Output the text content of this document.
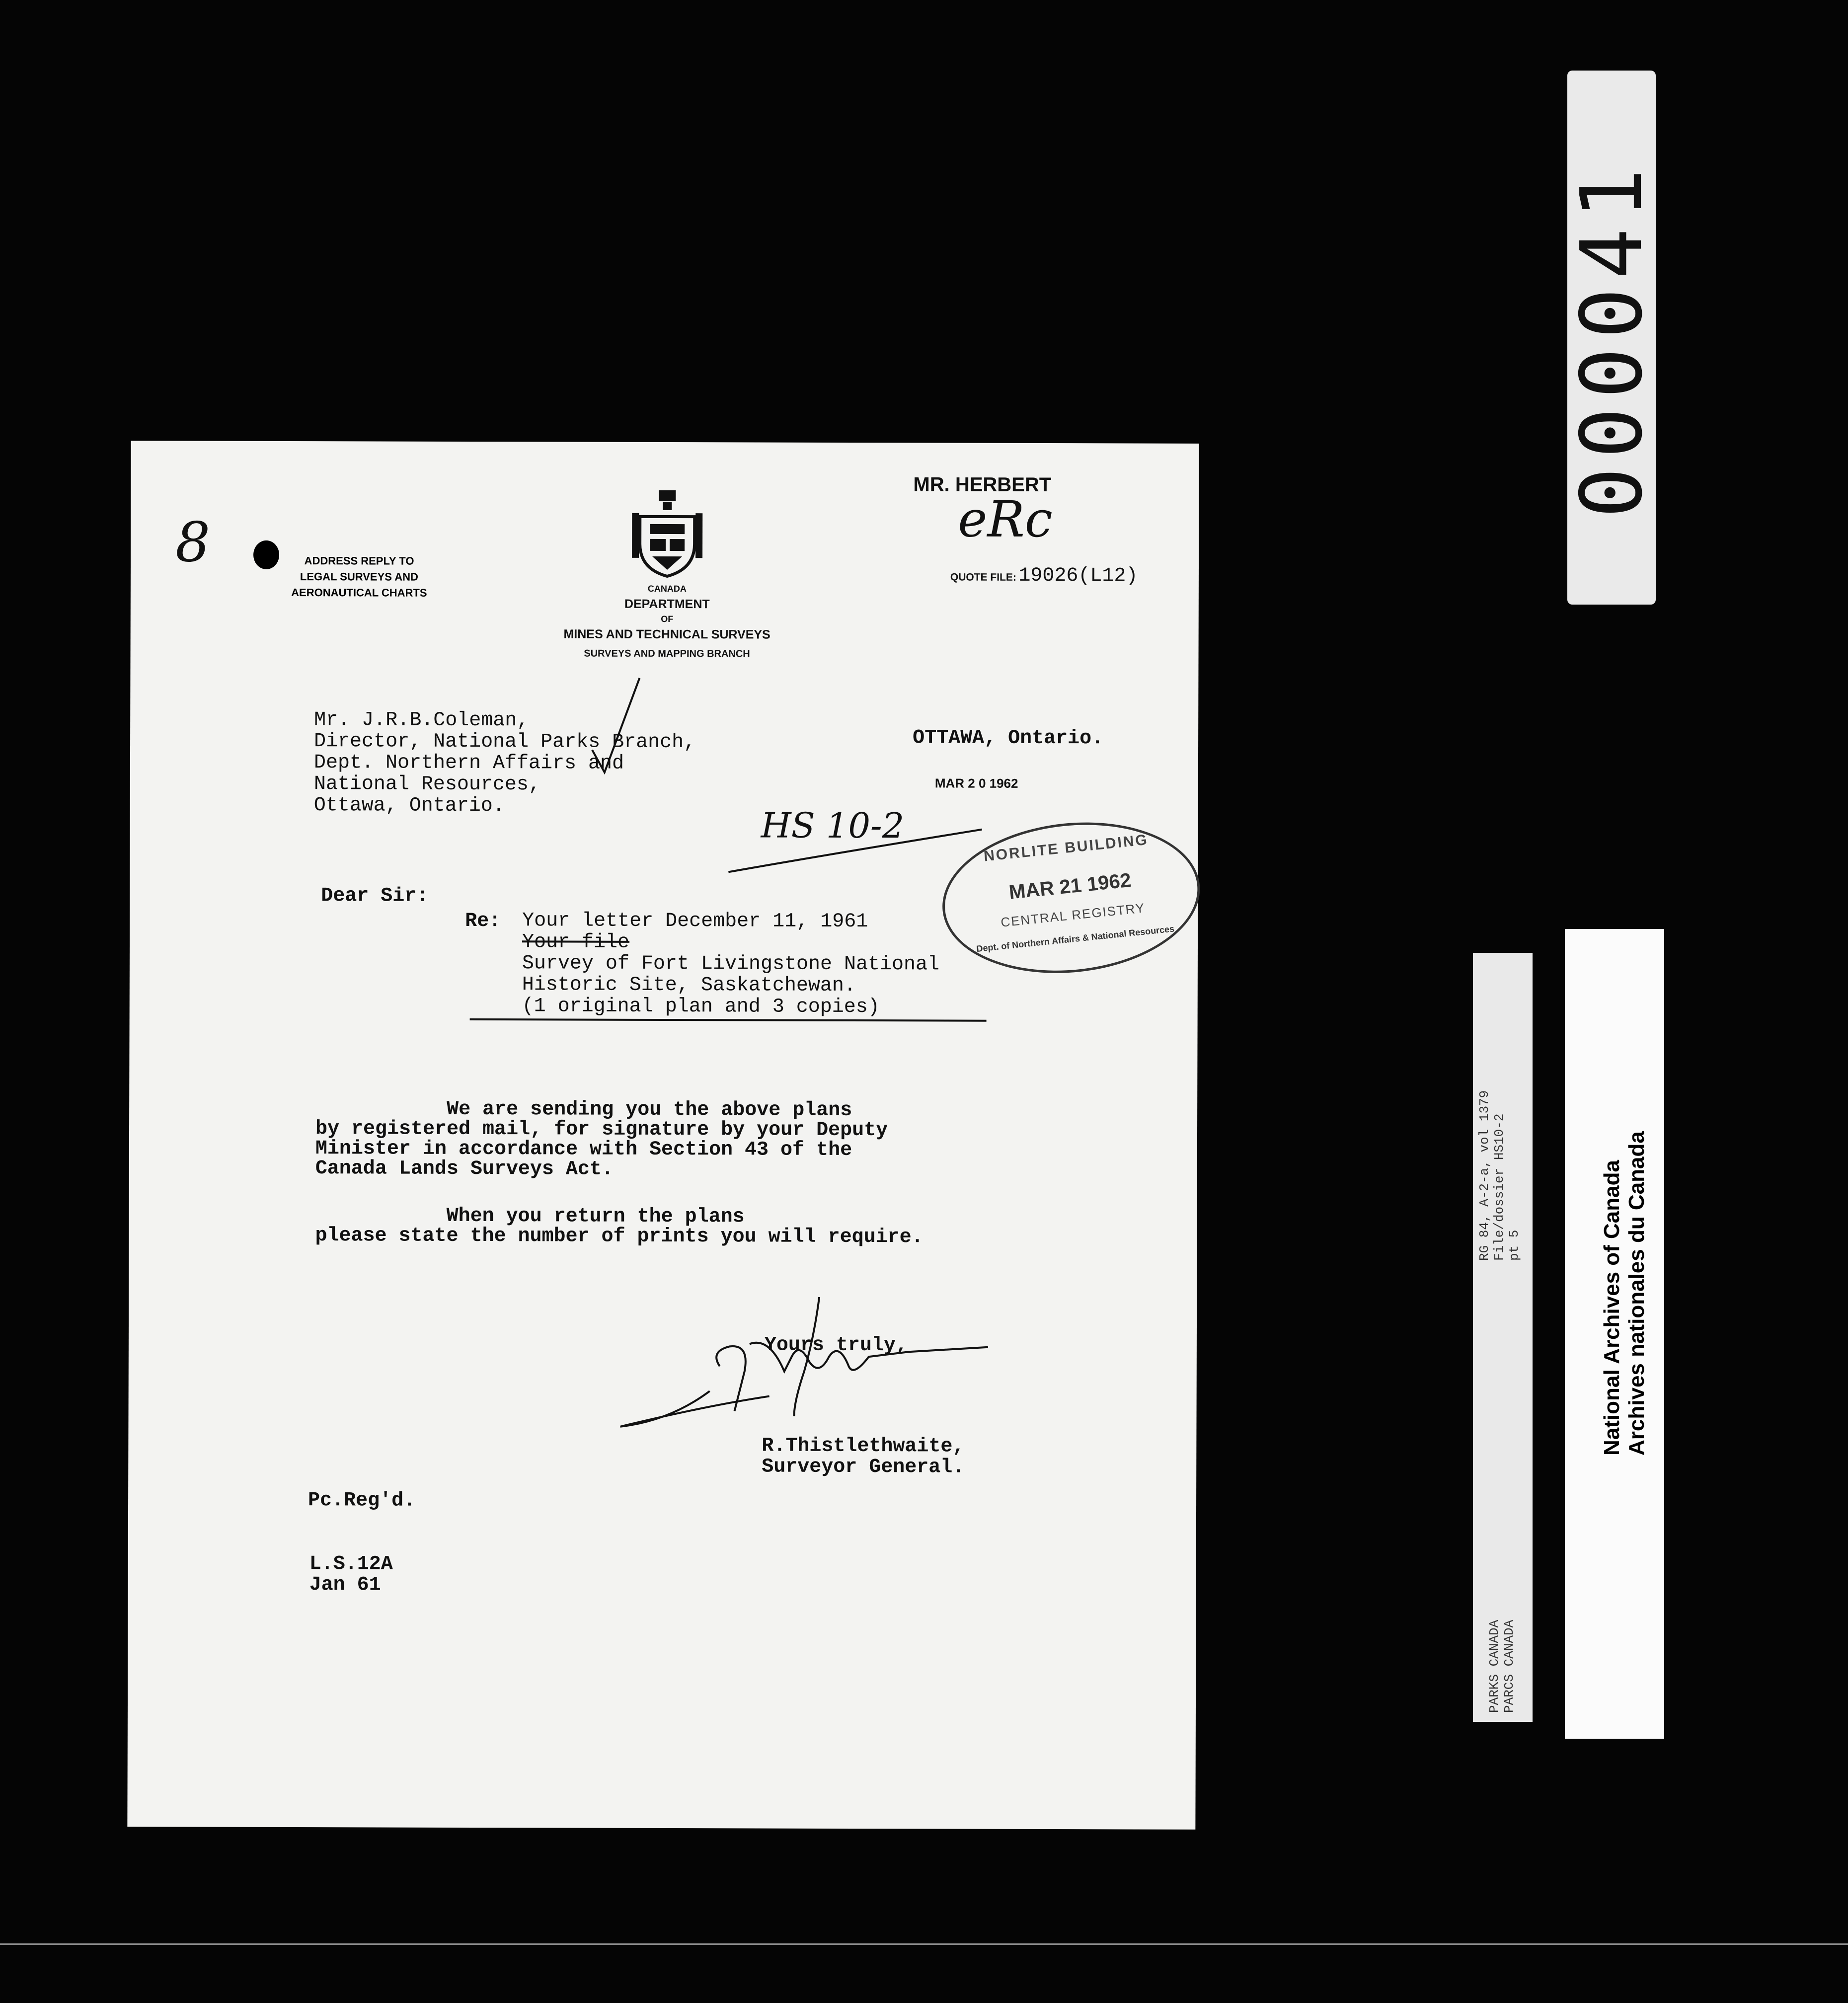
8	ADDRESS REPLY TO
LEGAL SURVEYS AND
AERONAUTICAL CHARTS	CANADA
DEPARTMENT
OF
MINES AND TECHNICAL SURVEYS
SURVEYS AND MAPPING BRANCH
MR. HERBERT
eRc
QUOTE FILE: 19026(L12)
Mr. J.R.B.Coleman,
Director, National Parks Branch,
Dept. Northern Affairs and
National Resources,
Ottawa, Ontario.
OTTAWA, Ontario.
MAR 2 0 1962
HS 10-2
NORLITE BUILDING
MAR 21 1962
CENTRAL REGISTRY
Dept. of Northern Affairs & National Resources
Dear Sir:
Re: Your letter December 11, 1961
Your file
Survey of Fort Livingstone National
Historic Site, Saskatchewan.
(1 original plan and 3 copies)
We are sending you the above plans
by registered mail, for signature by your Deputy
Minister in accordance with Section 43 of the
Canada Lands Surveys Act.
When you return the plans
please state the number of prints you will require.
Yours truly,
R.Thistlethwaite,
Surveyor General.
Pc.Reg'd.
L.S.12A
Jan 61
000041
RG 84, A-2-a, vol 1379 File/dossier HS10-2 pt 5
PARKS CANADA PARCS CANADA
National Archives of Canada Archives nationales du Canada
